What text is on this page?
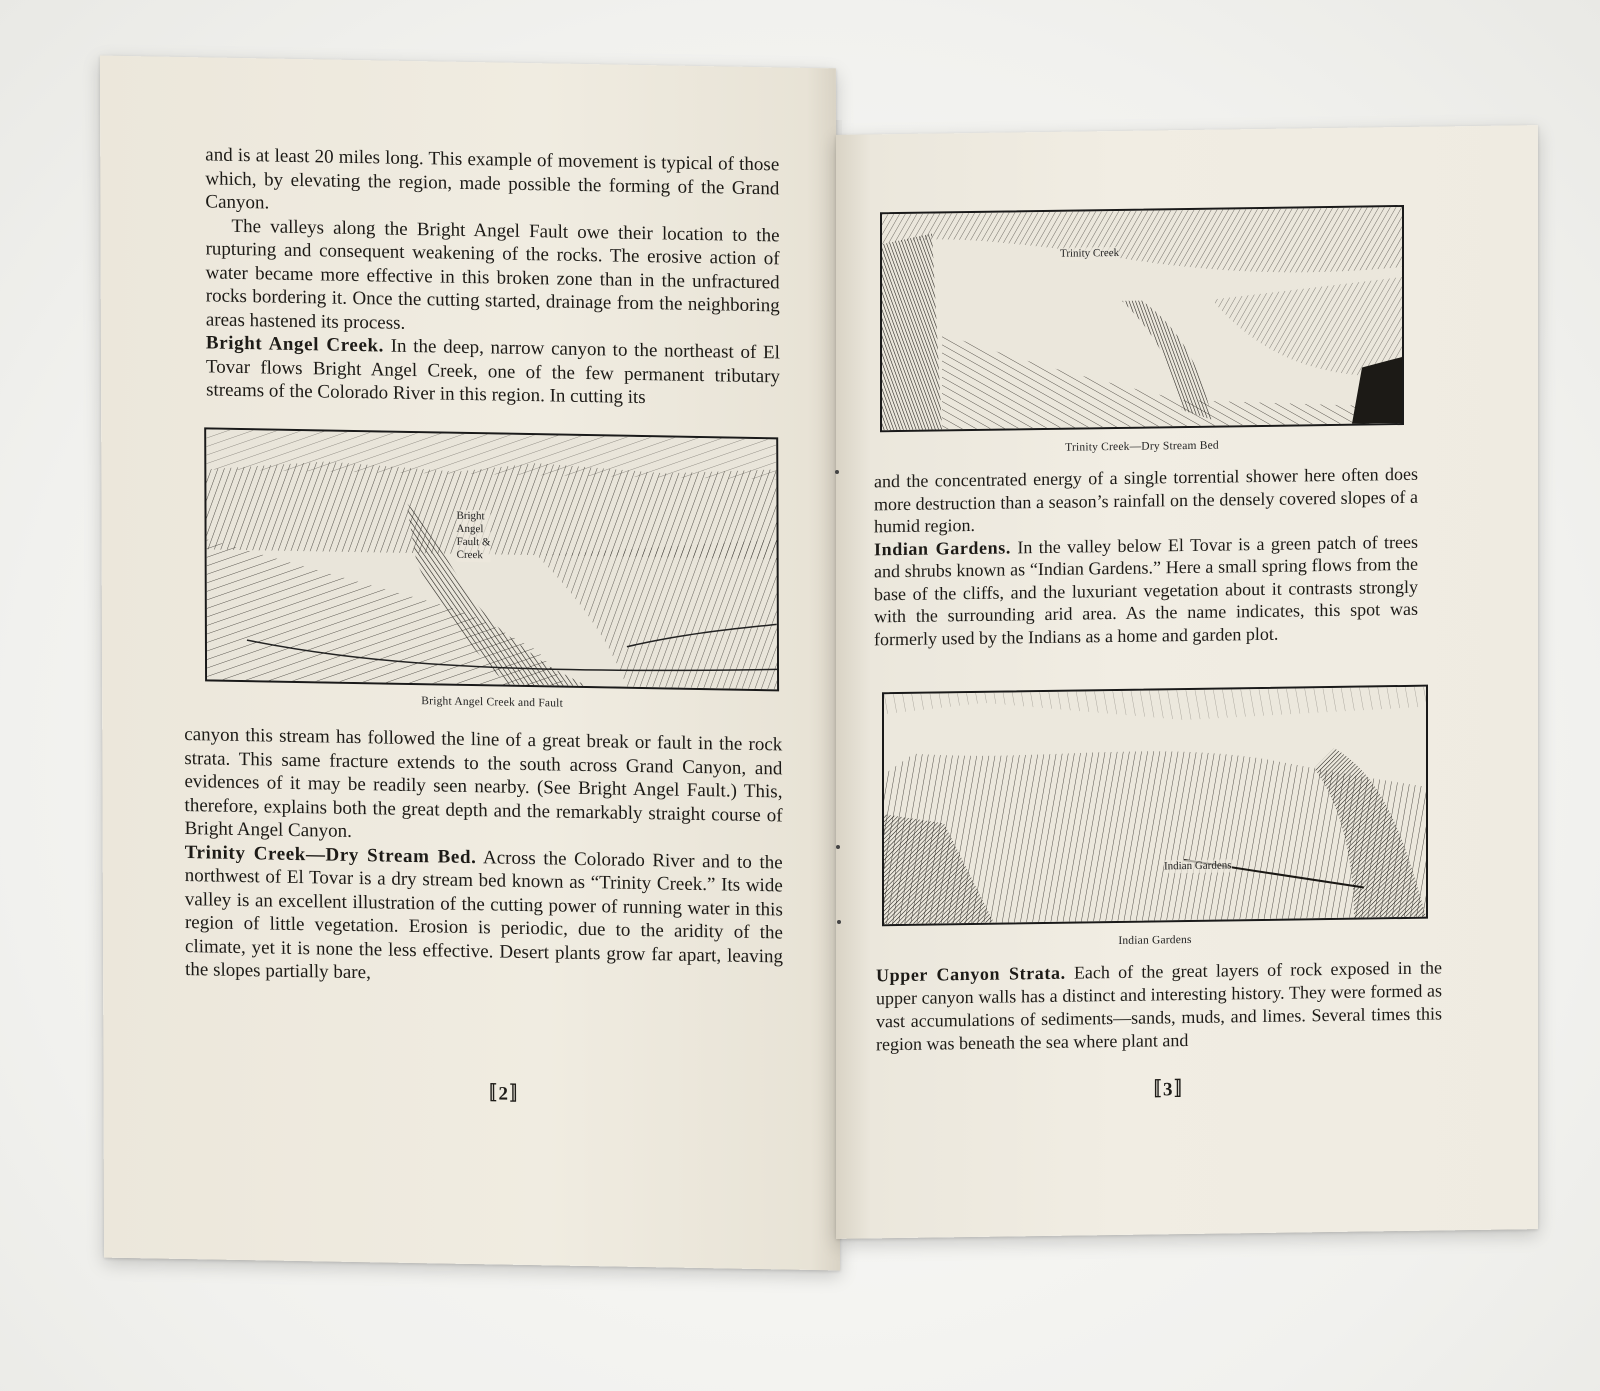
and is at least 20 miles long. This example of movement is typical of those which, by elevating the region, made possible the forming of the Grand Canyon.

The valleys along the Bright Angel Fault owe their location to the rupturing and consequent weakening of the rocks. The erosive action of water became more effective in this broken zone than in the unfractured rocks bordering it. Once the cutting started, drainage from the neighboring areas hastened its process.

Bright Angel Creek. In the deep, narrow canyon to the northeast of El Tovar flows Bright Angel Creek, one of the few permanent tributary streams of the Colorado River in this region. In cutting its

Bright
Angel
Fault &
Creek
Bright Angel Creek and Fault

canyon this stream has followed the line of a great break or fault in the rock strata. This same fracture extends to the south across Grand Canyon, and evidences of it may be readily seen nearby. (See Bright Angel Fault.) This, therefore, explains both the great depth and the remarkably straight course of Bright Angel Canyon.

Trinity Creek—Dry Stream Bed. Across the Colorado River and to the northwest of El Tovar is a dry stream bed known as “Trinity Creek.” Its wide valley is an excellent illustration of the cutting power of running water in this region of little vegetation. Erosion is periodic, due to the aridity of the climate, yet it is none the less effective. Desert plants grow far apart, leaving the slopes partially bare,

〚2〛
Trinity Creek
Trinity Creek—Dry Stream Bed

and the concentrated energy of a single torrential shower here often does more destruction than a season’s rainfall on the densely covered slopes of a humid region.

Indian Gardens. In the valley below El Tovar is a green patch of trees and shrubs known as “Indian Gardens.” Here a small spring flows from the base of the cliffs, and the luxuriant vegetation about it contrasts strongly with the surrounding arid area. As the name indicates, this spot was formerly used by the Indians as a home and garden plot.

Indian Gardens
Indian Gardens

Upper Canyon Strata. Each of the great layers of rock exposed in the upper canyon walls has a distinct and interesting history. They were formed as vast accumulations of sediments—sands, muds, and limes. Several times this region was beneath the sea where plant and

〚3〛
